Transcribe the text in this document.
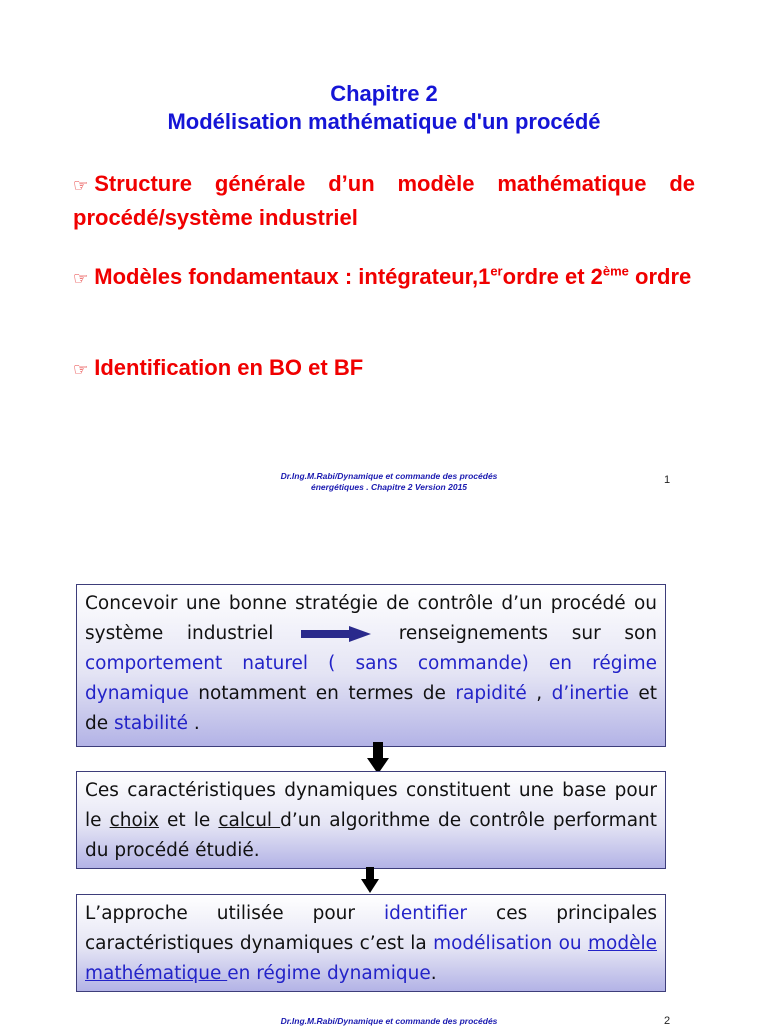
Chapitre 2
Modélisation mathématique d'un procédé
☞ Structure générale d’un modèle mathématique de procédé/système industriel
☞ Modèles fondamentaux : intégrateur,1erordre et 2ème ordre
☞ Identification en BO et BF
Dr.Ing.M.Rabi/Dynamique et commande des procédés
énergétiques . Chapitre 2 Version 2015
1
Concevoir une bonne stratégie de contrôle d’un procédé ou système industriel	renseignements sur son comportement naturel ( sans commande) en régime dynamique notamment en termes de rapidité , d’inertie et de stabilité .
Ces caractéristiques dynamiques constituent une base pour le choix et le calcul d’un algorithme de contrôle performant du procédé étudié.
L’approche utilisée pour identifier ces principales caractéristiques dynamiques c’est la modélisation ou modèle mathématique en régime dynamique.
Dr.Ing.M.Rabi/Dynamique et commande des procédés	2
